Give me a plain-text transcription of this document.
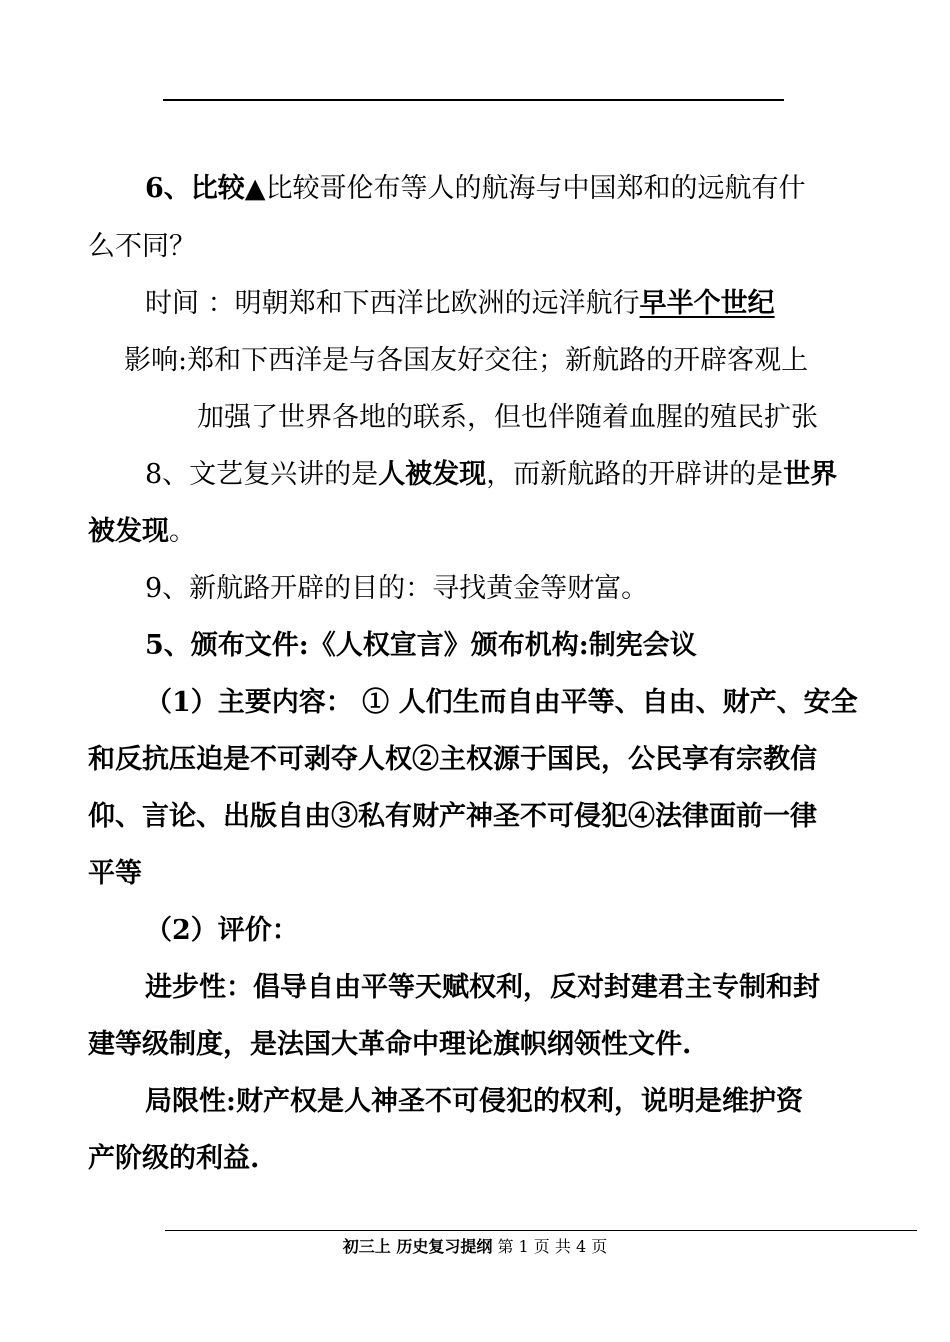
6、比较▲比较哥伦布等人的航海与中国郑和的远航有什
么不同？
时间 ：明朝郑和下西洋比欧洲的远洋航行早半个世纪
影响:郑和下西洋是与各国友好交往；新航路的开辟客观上
加强了世界各地的联系，但也伴随着血腥的殖民扩张
8、文艺复兴讲的是人被发现，而新航路的开辟讲的是世界
被发现。
9、新航路开辟的目的：寻找黄金等财富。
5、颁布文件:《人权宣言》颁布机构:制宪会议
（1）主要内容： ① 人们生而自由平等、自由、财产、安全
和反抗压迫是不可剥夺人权②主权源于国民，公民享有宗教信
仰、言论、出版自由③私有财产神圣不可侵犯④法律面前一律
平等
（2）评价：
进步性：倡导自由平等天赋权利，反对封建君主专制和封
建等级制度，是法国大革命中理论旗帜纲领性文件.
局限性:财产权是人神圣不可侵犯的权利，说明是维护资
产阶级的利益.
初三上 历史复习提纲 第 1 页 共 4 页
